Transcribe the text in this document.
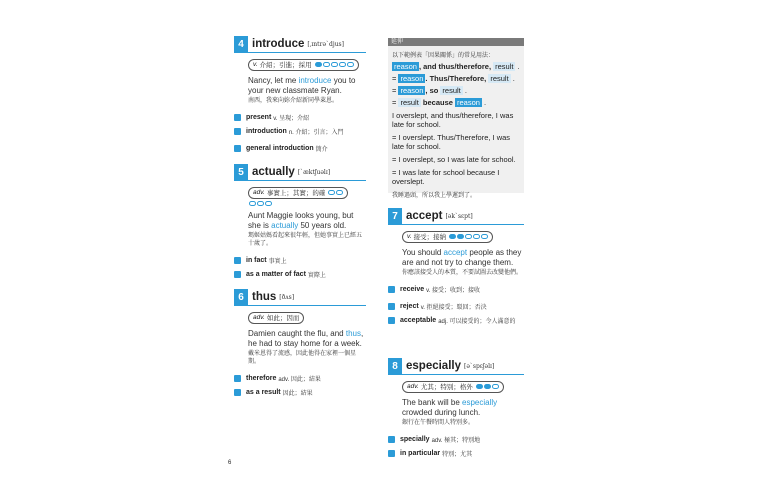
4 introduce [ˌɪntrəˋdjus]
v. 介紹；引進；採用
Nancy, let me introduce you to your new classmate Ryan.
南西，我來向妳介紹新同學萊恩。
present v. 呈現；介紹
introduction n. 介紹；引言；入門
general introduction 簡介
5 actually [ˋæktʃuəlɪ]
adv. 事實上；其實；的確
Aunt Maggie looks young, but she is actually 50 years old.
瑪姬姑媽看起來很年輕，但她事實上已經五十歲了。
in fact 事實上
as a matter of fact 實際上
6 thus [ðʌs]
adv. 如此；因而
Damien caught the flu, and thus, he had to stay home for a week.
戴米恩得了流感，因此他得在家裡一個星期。
therefore adv. 因此；結果
as a result 因此；結果
延伸
以下範例表「因果關係」的常見用法：
reason , and thus/therefore, result .
= reason . Thus/Therefore, result .
= reason , so result .
= result because reason .
I overslept, and thus/therefore, I was late for school.
= I overslept. Thus/Therefore, I was late for school.
= I overslept, so I was late for school.
= I was late for school because I overslept.
我睡過頭，所以我上學遲到了。
7 accept [əkˋsɛpt]
v. 接受；接納
You should accept people as they are and not try to change them.
你應該接受人的本質，不要試圖去改變他們。
receive v. 接受；收到；接收
reject v. 拒絕接受；駁回；否決
acceptable adj. 可以接受的；令人滿意的
8 especially [əˋspɛʃəlɪ]
adv. 尤其；特別；格外
The bank will be especially crowded during lunch.
銀行在午餐時間人特別多。
specially adv. 極其；特別地
in particular 特別；尤其
6
